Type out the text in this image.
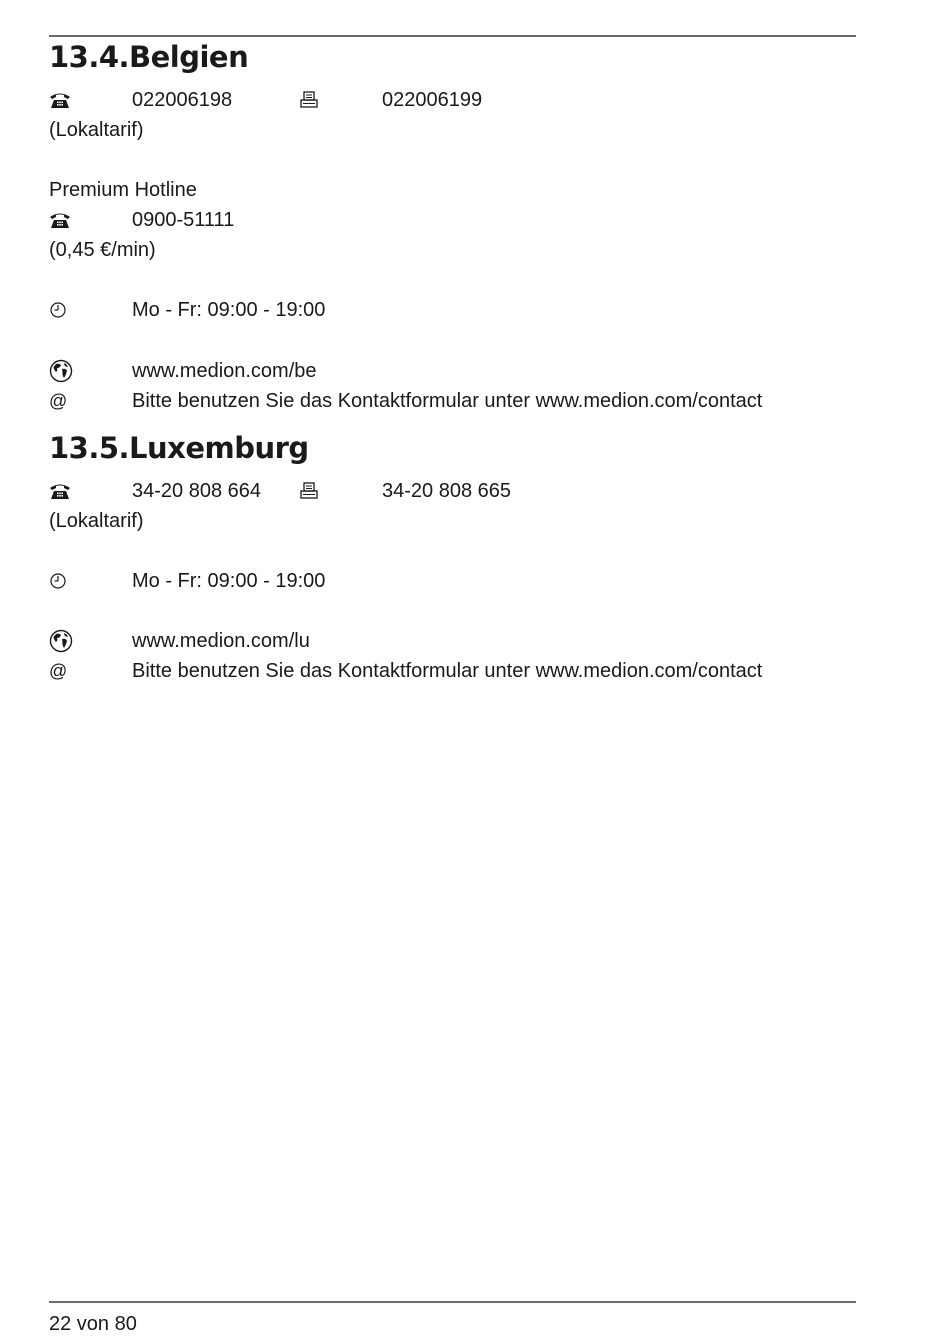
13.4.Belgien
022006198	022006199
(Lokaltarif)
Premium Hotline
0900-51111
(0,45 €/min)
Mo - Fr: 09:00 - 19:00
www.medion.com/be
@	Bitte benutzen Sie das Kontaktformular unter www.medion.com/contact
13.5.Luxemburg
34-20 808 664	34-20 808 665
(Lokaltarif)
Mo - Fr: 09:00 - 19:00
www.medion.com/lu
@	Bitte benutzen Sie das Kontaktformular unter www.medion.com/contact
22 von 80
